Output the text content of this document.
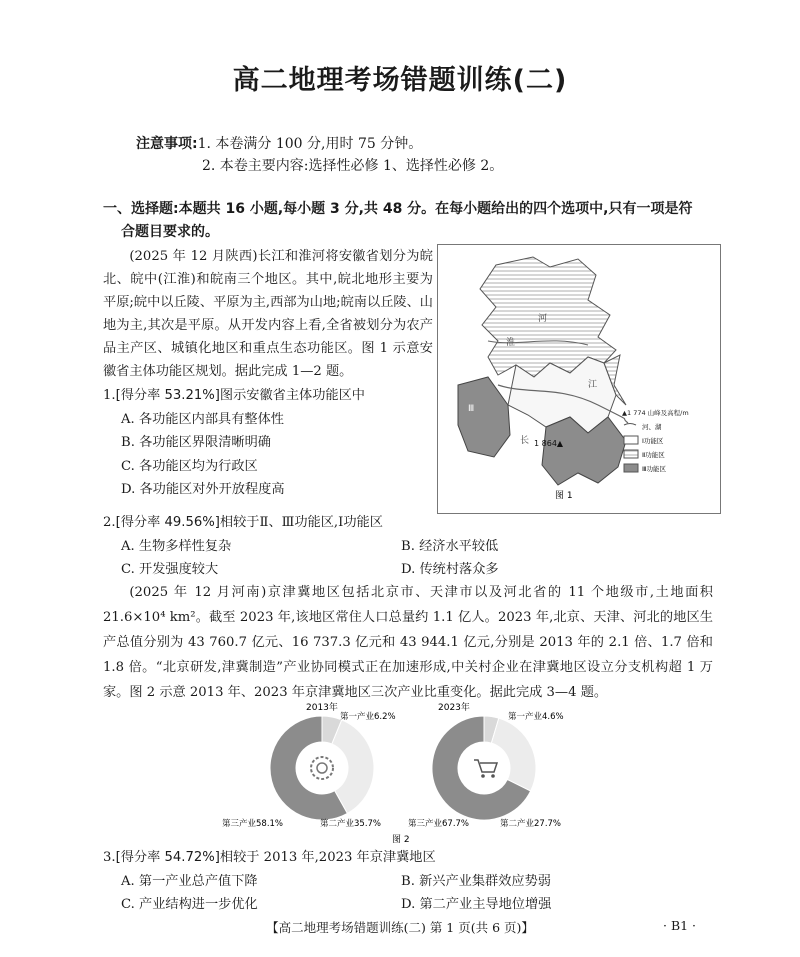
高二地理考场错题训练(二)
注意事项:1. 本卷满分 100 分,用时 75 分钟。
2. 本卷主要内容:选择性必修 1、选择性必修 2。
一、选择题:本题共 16 小题,每小题 3 分,共 48 分。在每小题给出的四个选项中,只有一项是符
合题目要求的。
(2025 年 12 月陕西)长江和淮河将安徽省划分为皖北、皖中(江淮)和皖南三个地区。其中,皖北地形主要为平原;皖中以丘陵、平原为主,西部为山地;皖南以丘陵、山地为主,其次是平原。从开发内容上看,全省被划分为农产品主产区、城镇化地区和重点生态功能区。图 1 示意安徽省主体功能区规划。据此完成 1—2 题。
1.[得分率 53.21%]图示安徽省主体功能区中
A. 各功能区内部具有整体性
B. 各功能区界限清晰明确
C. 各功能区均为行政区
D. 各功能区对外开放程度高
Ⅲ
1 864▲
淮
河
江
长
▲1 774 山峰及高程/m
河、湖
Ⅰ功能区
Ⅱ功能区
Ⅲ功能区
图 1
2.[得分率 49.56%]相较于Ⅱ、Ⅲ功能区,Ⅰ功能区
A. 生物多样性复杂	B. 经济水平较低
C. 开发强度较大	D. 传统村落众多
(2025 年 12 月河南)京津冀地区包括北京市、天津市以及河北省的 11 个地级市,土地面积 21.6×10⁴ km²。截至 2023 年,该地区常住人口总量约 1.1 亿人。2023 年,北京、天津、河北的地区生产总值分别为 43 760.7 亿元、16 737.3 亿元和 43 944.1 亿元,分别是 2013 年的 2.1 倍、1.7 倍和 1.8 倍。“北京研发,津冀制造”产业协同模式正在加速形成,中关村企业在津冀地区设立分支机构超 1 万家。图 2 示意 2013 年、2023 年京津冀地区三次产业比重变化。据此完成 3—4 题。
2013年	2023年
第一产业6.2%
第二产业35.7%
第三产业58.1%
第一产业4.6%
第二产业27.7%
第三产业67.7%
图 2
3.[得分率 54.72%]相较于 2013 年,2023 年京津冀地区
A. 第一产业总产值下降	B. 新兴产业集群效应势弱
C. 产业结构进一步优化	D. 第二产业主导地位增强
【高二地理考场错题训练(二) 第 1 页(共 6 页)】	· B1 ·
